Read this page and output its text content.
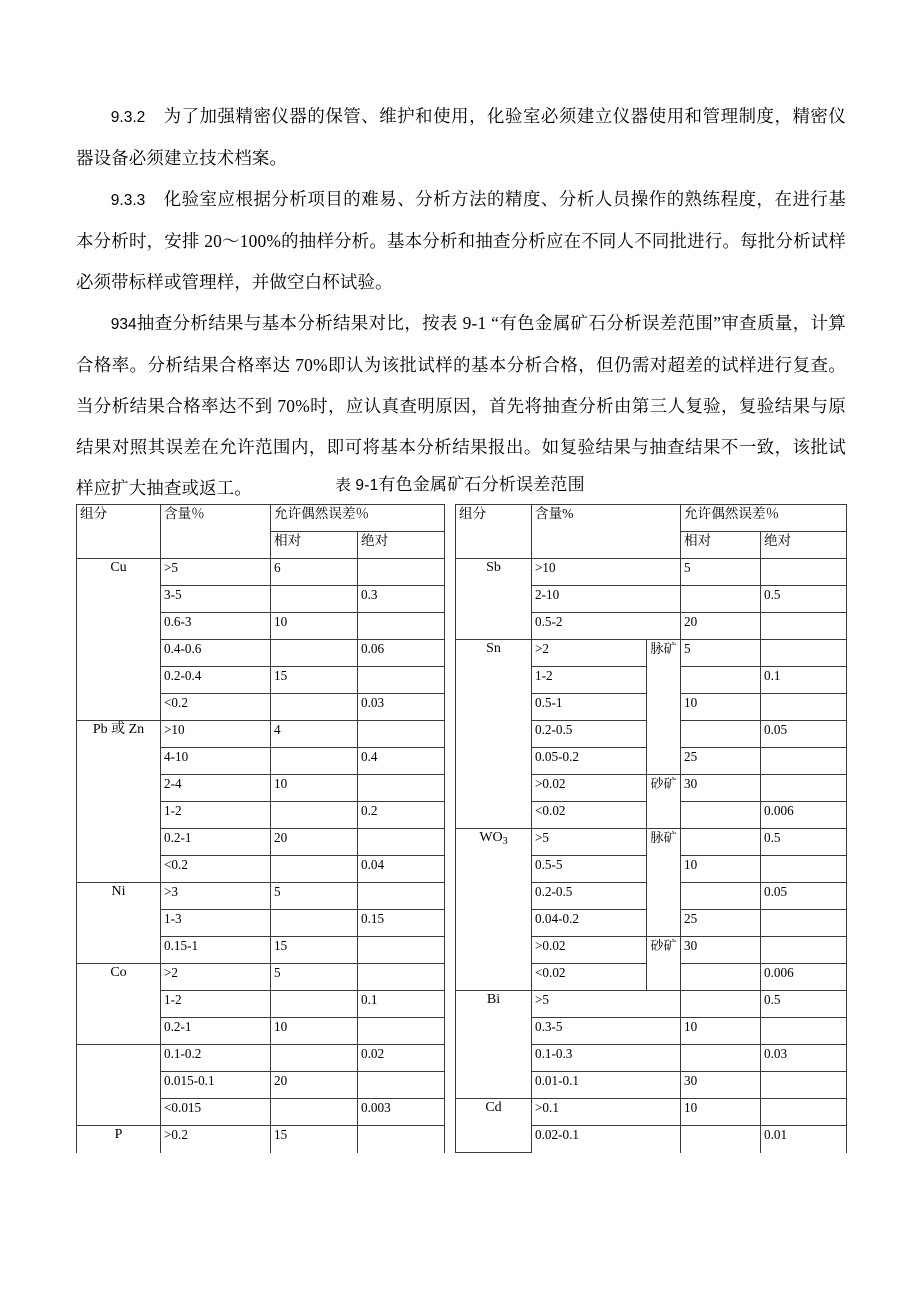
9.3.2　 为了加强精密仪器的保管、维护和使用，化验室必须建立仪器使用和管理制度，精密仪器设备必须建立技术档案。

9.3.3　 化验室应根据分析项目的难易、分析方法的精度、分析人员操作的熟练程度，在进行基本分析时，安排 20～100%的抽样分析。基本分析和抽查分析应在不同人不同批进行。每批分析试样必须带标样或管理样，并做空白杯试验。

934抽查分析结果与基本分析结果对比，按表 9-1 “有色金属矿石分析误差范围”审查质量，计算合格率。分析结果合格率达 70%即认为该批试样的基本分析合格，但仍需对超差的试样进行复查。当分析结果合格率达不到 70%时，应认真查明原因，首先将抽查分析由第三人复验，复验结果与原结果对照其误差在允许范围内，即可将基本分析结果报出。如复验结果与抽查结果不一致，该批试样应扩大抽查或返工。	表 9-1有色金属矿石分析误差范围
组分	含量％	允许偶然误差％	
		相对	绝对
Cu	>5	6	
	3-5		0.3
	0.6-3	10	
	0.4-0.6		0.06
	0.2-0.4	15	
	<0.2		0.03
Pb 或 Zn	>10	4	
	4-10		0.4
	2-4	10	
	1-2		0.2
	0.2-1	20	
	<0.2		0.04
Ni	>3	5	
	1-3		0.15
	0.15-1	15	
Co	>2	5	
	1-2		0.1
	0.2-1	10	
	0.1-0.2		0.02
	0.015-0.1	20	
	<0.015		0.003
P	>0.2	15	
组分	含量%		允许偶然误差％	
			相对	绝对
Sb	>10		5	
	2-10			0.5
	0.5-2		20	
Sn	>2	脉矿	5	
	1-2			0.1
	0.5-1		10	
	0.2-0.5			0.05
	0.05-0.2		25	
	>0.02	砂矿	30	
	<0.02			0.006
$WO_3$	>5	脉矿		0.5
	0.5-5		10	
	0.2-0.5			0.05
	0.04-0.2		25	
	>0.02	砂矿	30	
	<0.02			0.006
Bi	>5			0.5
	0.3-5		10	
	0.1-0.3			0.03
	0.01-0.1		30	
Cd	>0.1		10	
	0.02-0.1			0.01
